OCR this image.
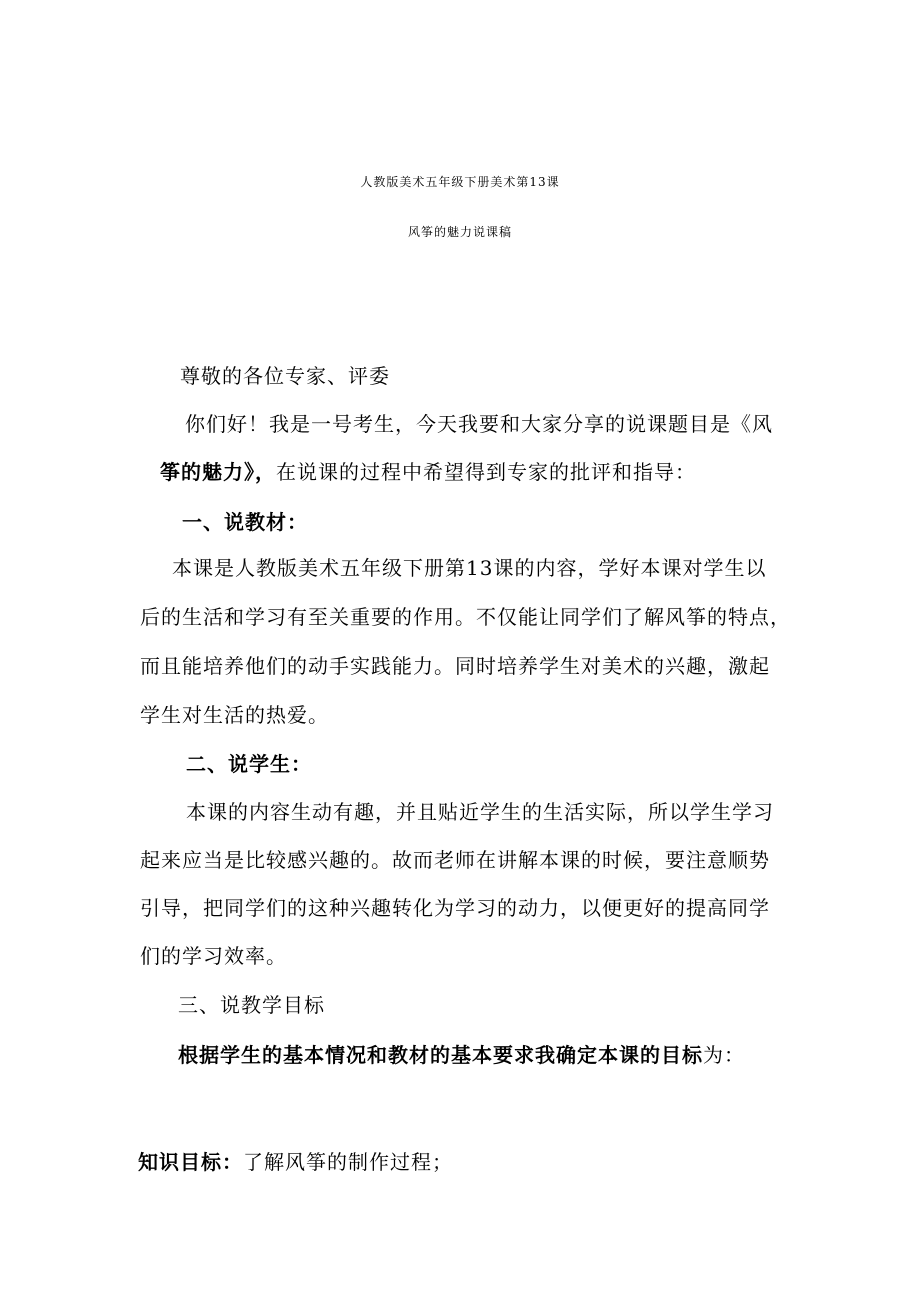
人教版美术五年级下册美术第13课
风筝的魅力说课稿
尊敬的各位专家、评委
你们好！我是一号考生，今天我要和大家分享的说课题目是《风
筝的魅力》，在说课的过程中希望得到专家的批评和指导：
一、说教材：
本课是人教版美术五年级下册第13课的内容，学好本课对学生以
后的生活和学习有至关重要的作用。不仅能让同学们了解风筝的特点，
而且能培养他们的动手实践能力。同时培养学生对美术的兴趣，激起
学生对生活的热爱。
二、说学生：
本课的内容生动有趣，并且贴近学生的生活实际，所以学生学习
起来应当是比较感兴趣的。故而老师在讲解本课的时候，要注意顺势
引导，把同学们的这种兴趣转化为学习的动力，以便更好的提高同学
们的学习效率。
三、说教学目标
根据学生的基本情况和教材的基本要求我确定本课的目标为：
知识目标：了解风筝的制作过程；
